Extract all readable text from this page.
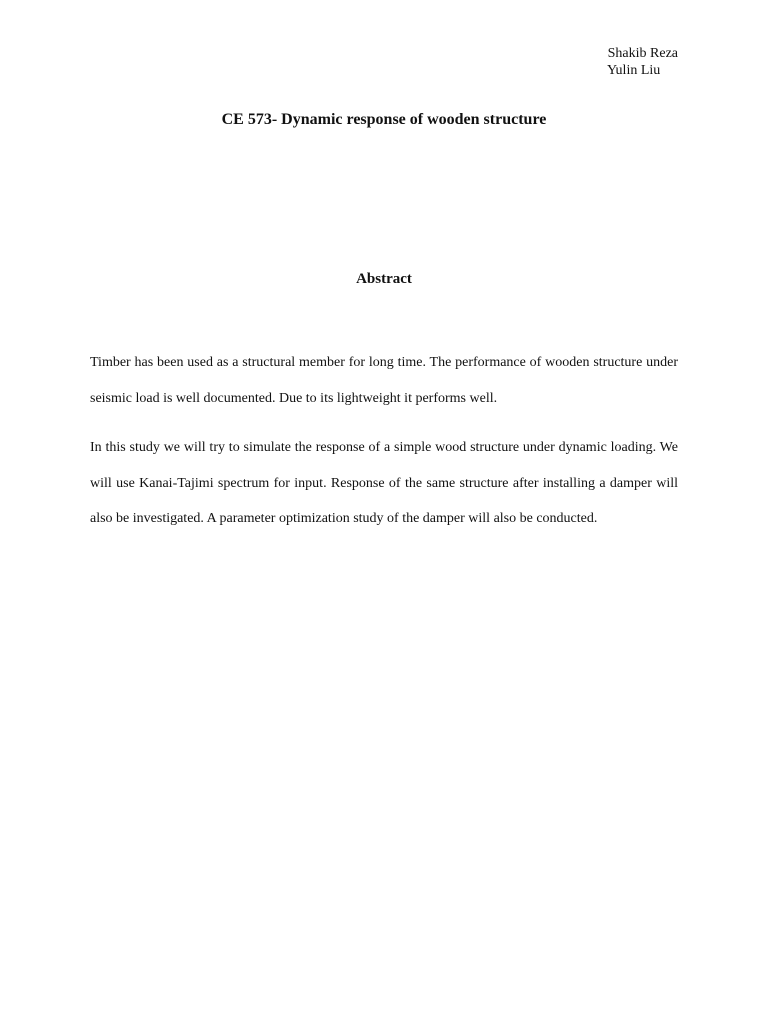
Shakib Reza
Yulin Liu
CE 573- Dynamic response of wooden structure
Abstract

Timber has been used as a structural member for long time. The performance of wooden structure under seismic load is well documented. Due to its lightweight it performs well.

In this study we will try to simulate the response of a simple wood structure under dynamic loading. We will use Kanai-Tajimi spectrum for input. Response of the same structure after installing a damper will also be investigated. A parameter optimization study of the damper will also be conducted.
